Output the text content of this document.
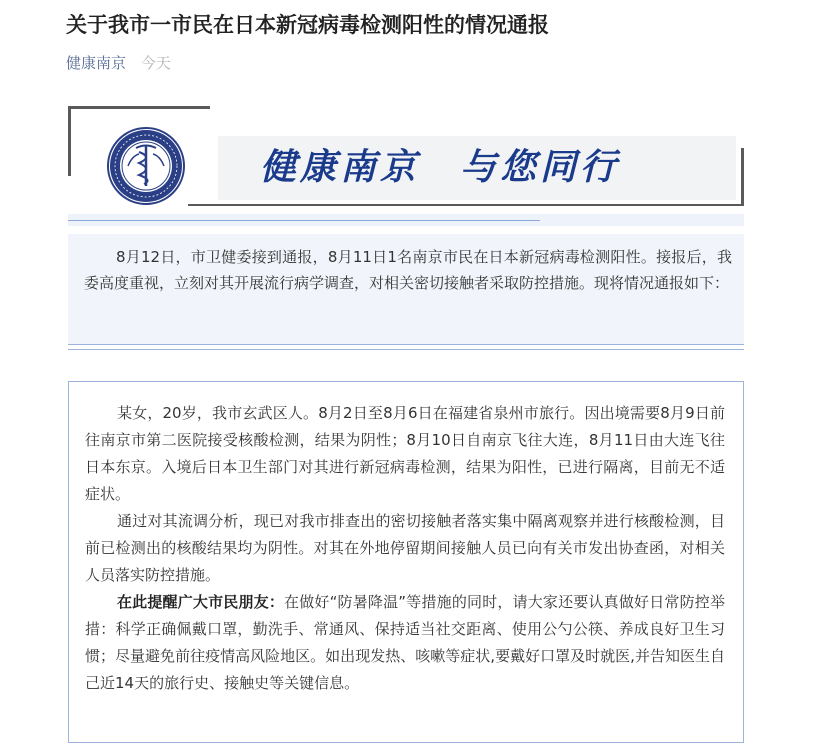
关于我市一市民在日本新冠病毒检测阳性的情况通报
健康南京 今天
健康南京　与您同行

8月12日，市卫健委接到通报，8月11日1名南京市民在日本新冠病毒检测阳性。接报后，我委高度重视，立刻对其开展流行病学调查，对相关密切接触者采取防控措施。现将情况通报如下：

某女，20岁，我市玄武区人。8月2日至8月6日在福建省泉州市旅行。因出境需要8月9日前往南京市第二医院接受核酸检测，结果为阴性；8月10日自南京飞往大连，8月11日由大连飞往日本东京。入境后日本卫生部门对其进行新冠病毒检测，结果为阳性，已进行隔离，目前无不适症状。

通过对其流调分析，现已对我市排查出的密切接触者落实集中隔离观察并进行核酸检测，目前已检测出的核酸结果均为阴性。对其在外地停留期间接触人员已向有关市发出协查函，对相关人员落实防控措施。

在此提醒广大市民朋友：在做好“防暑降温”等措施的同时，请大家还要认真做好日常防控举措：科学正确佩戴口罩，勤洗手、常通风、保持适当社交距离、使用公勺公筷、养成良好卫生习惯；尽量避免前往疫情高风险地区。如出现发热、咳嗽等症状,要戴好口罩及时就医,并告知医生自己近14天的旅行史、接触史等关键信息。
